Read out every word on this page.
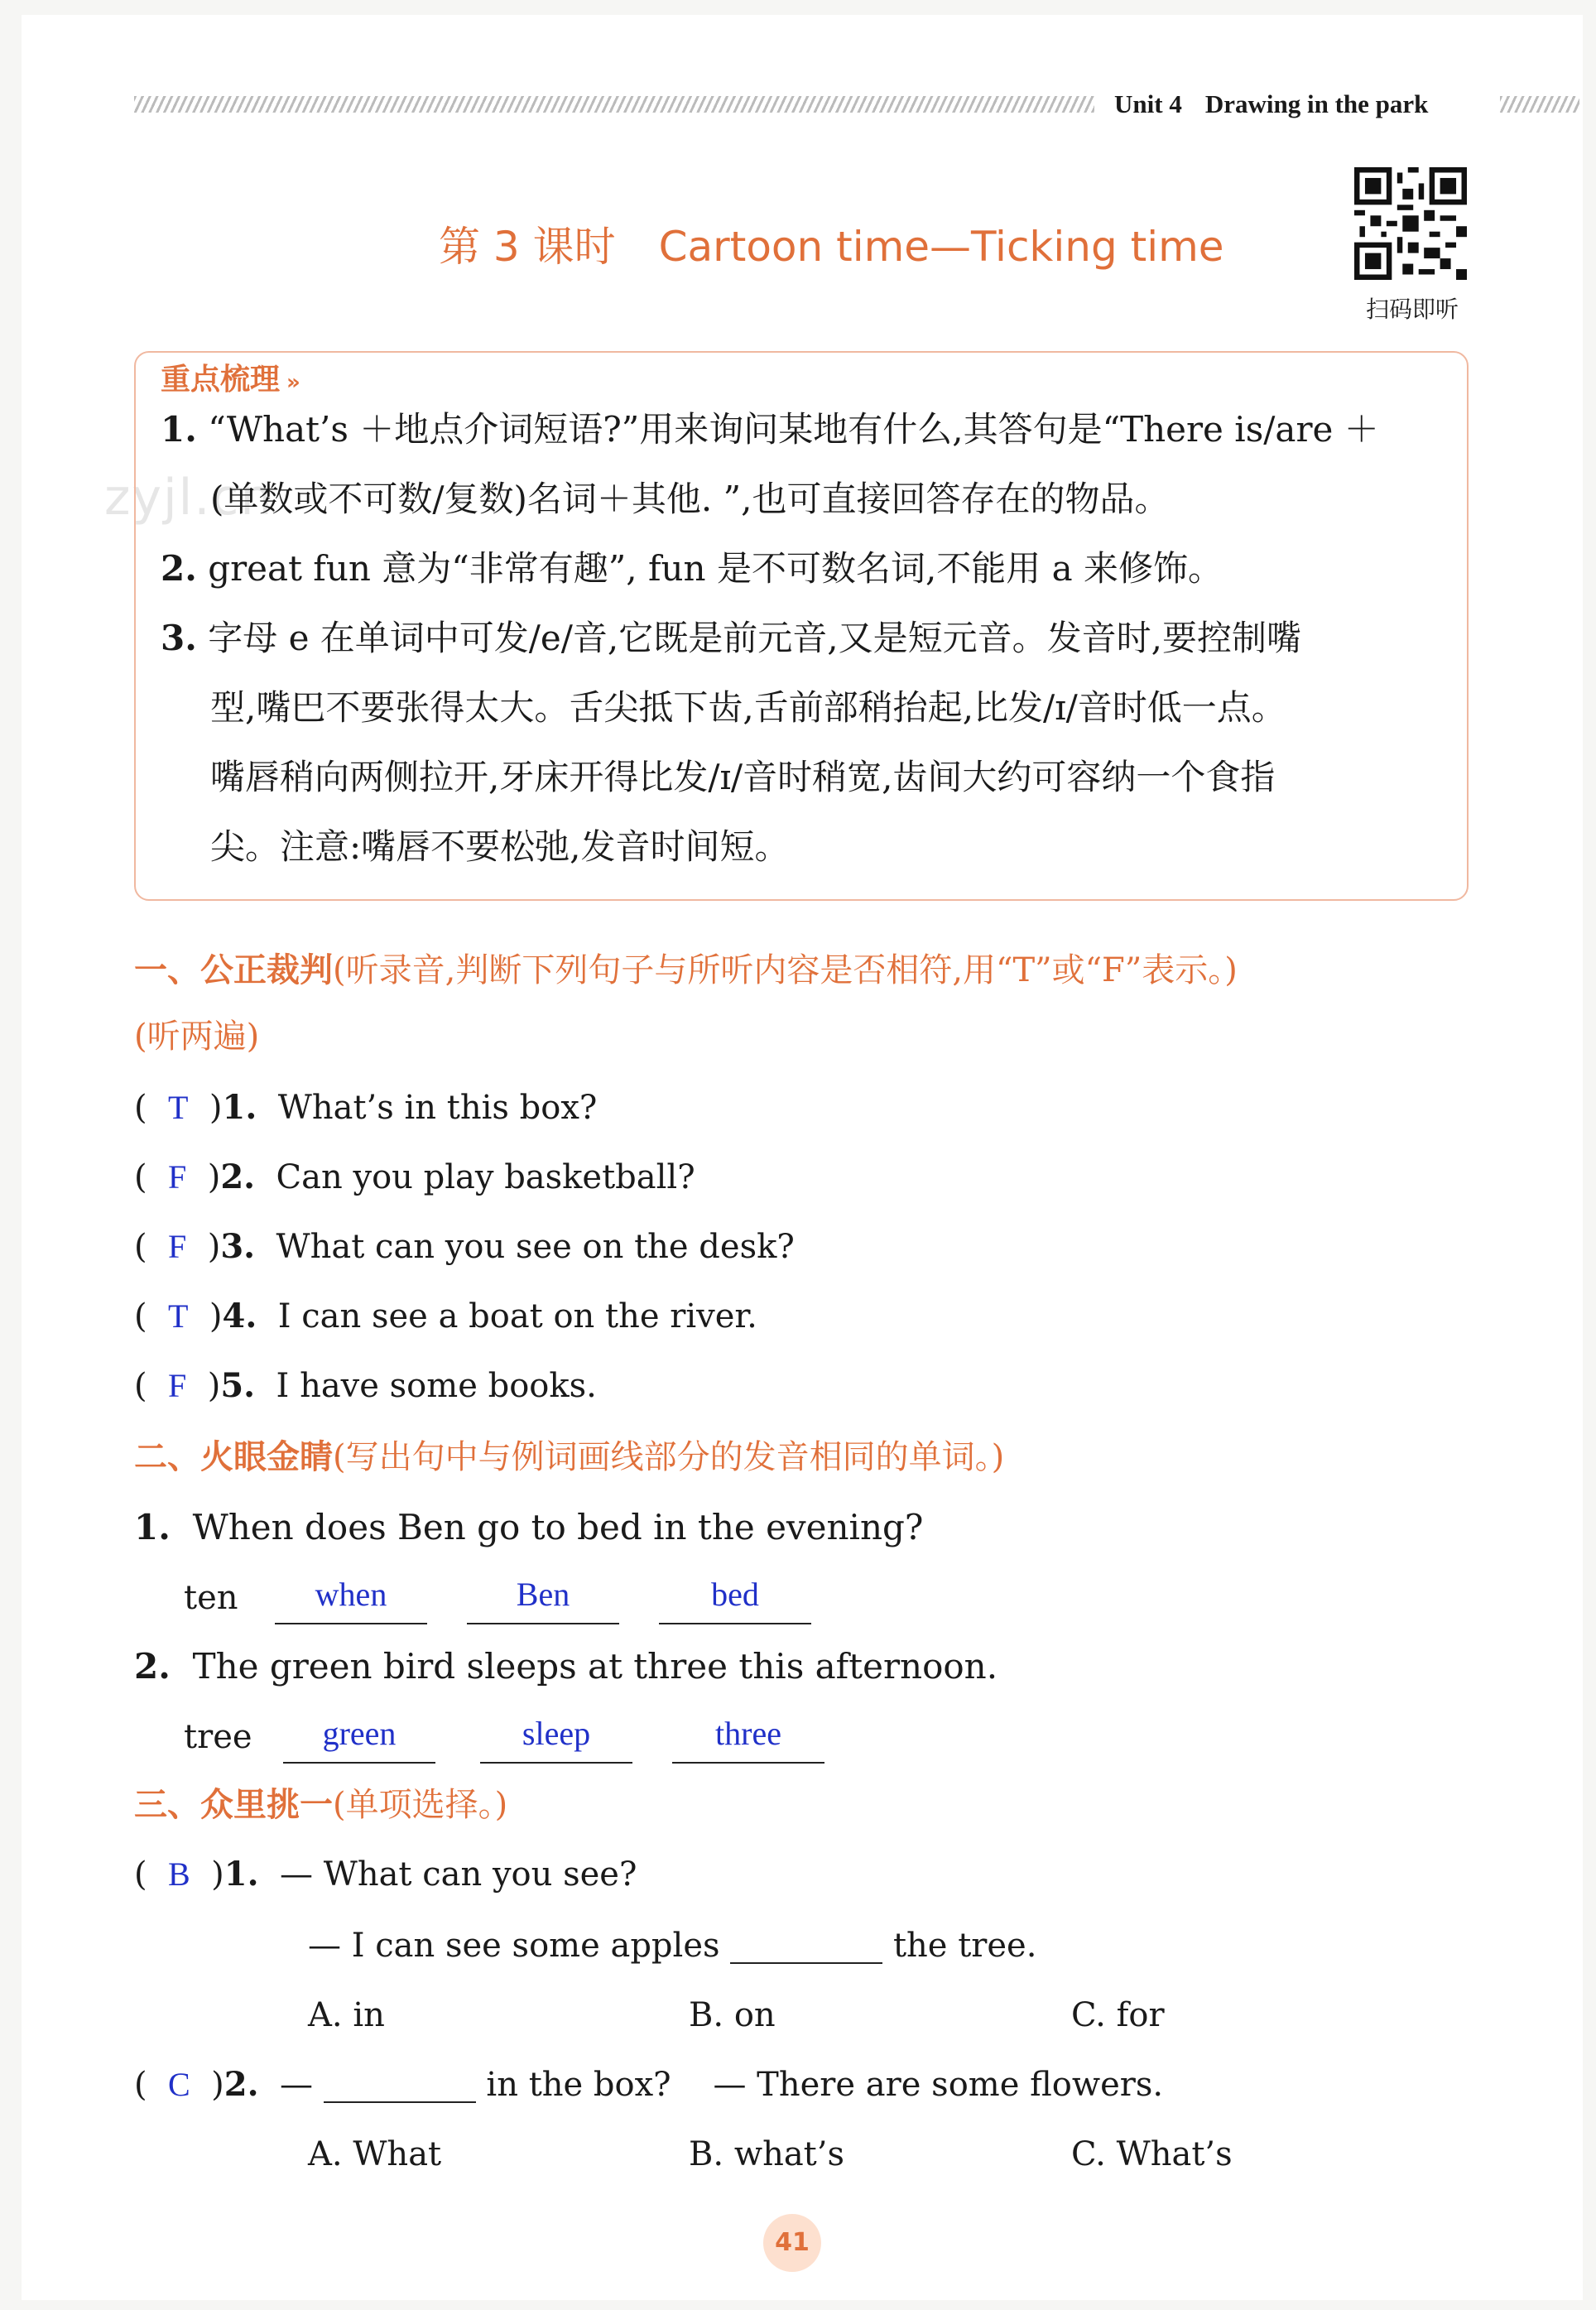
Unit 4 Drawing in the park
第 3 课时 Cartoon time—Ticking time
扫码即听
zyjl.cn
重点梳理 »
1. “What’s ＋地点介词短语?”用来询问某地有什么,其答句是“There is/are ＋
(单数或不可数/复数)名词＋其他. ”,也可直接回答存在的物品。
2. great fun 意为“非常有趣”, fun 是不可数名词,不能用 a 来修饰。
3. 字母 e 在单词中可发/e/音,它既是前元音,又是短元音。发音时,要控制嘴
型,嘴巴不要张得太大。舌尖抵下齿,舌前部稍抬起,比发/ɪ/音时低一点。
嘴唇稍向两侧拉开,牙床开得比发/ɪ/音时稍宽,齿间大约可容纳一个食指
尖。注意:嘴唇不要松弛,发音时间短。
一、公正裁判(听录音,判断下列句子与所听内容是否相符,用“T”或“F”表示。)
(听两遍)
(  T  )1. What’s in this box?
(  F  )2. Can you play basketball?
(  F  )3. What can you see on the desk?
(  T  )4. I can see a boat on the river.
(  F  )5. I have some books.
二、火眼金睛(写出句中与例词画线部分的发音相同的单词。)
1. When does Ben go to bed in the evening?
ten	when	Ben	bed
2. The green bird sleeps at three this afternoon.
tree	green	sleep	three
三、众里挑一(单项选择。)
(  B  )1. — What can you see?
— I can see some apples	the tree.
A. in	B. on	C. for
(  C  )2. —	in the box? — There are some flowers.
A. What	B. what’s	C. What’s
41
